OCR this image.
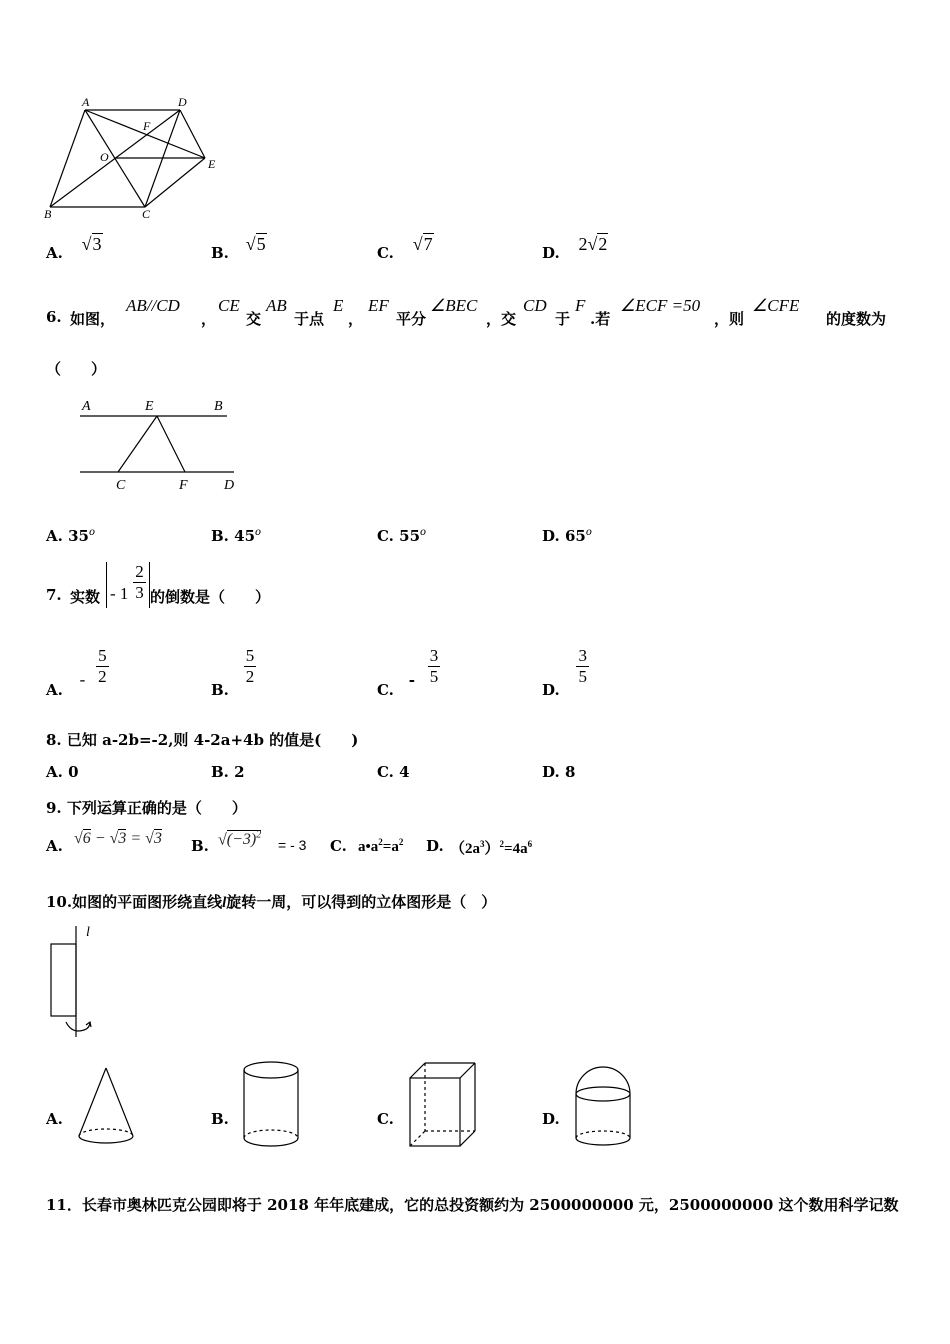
A	D
F
O	E
B	C
A. √3	B. √5	C. √7	D. 2√2
6. 如图，
AB//CD
，
CE
交
AB
于点
E
，
EF
平分
∠BEC
，交
CD
于
F
.若
∠ECF =50
，则
∠CFE
的度数为
（　　）
A	E	B
C	F	D
A. 35$^o$	B. 45$^o$	C. 55$^o$	D. 65$^o$
7. 实数 - $1 \frac{2}{3}$ 的倒数是（　　）
A. - $\frac{5}{2}$
B.
$\frac{5}{2}$
C. - $\frac{3}{5}$
D.
$\frac{3}{5}$
8. 已知 a-2b=-2,则 4-2a+4b 的值是(　　)
A. 0	B. 2	C. 4	D. 8
9. 下列运算正确的是（　　）
A. √6 − √3 = √3 B. $√(-3)^2$
= - 3 C. $a•a^2=a^2$ D. $(2a^3)^2=4a^6$
10.如图的平面图形绕直线l旋转一周，可以得到的立体图形是（　）
l
A.	B.	C.	D.
11．长春市奥林匹克公园即将于 2018 年年底建成，它的总投资额约为 2500000000 元，2500000000 这个数用科学记数
